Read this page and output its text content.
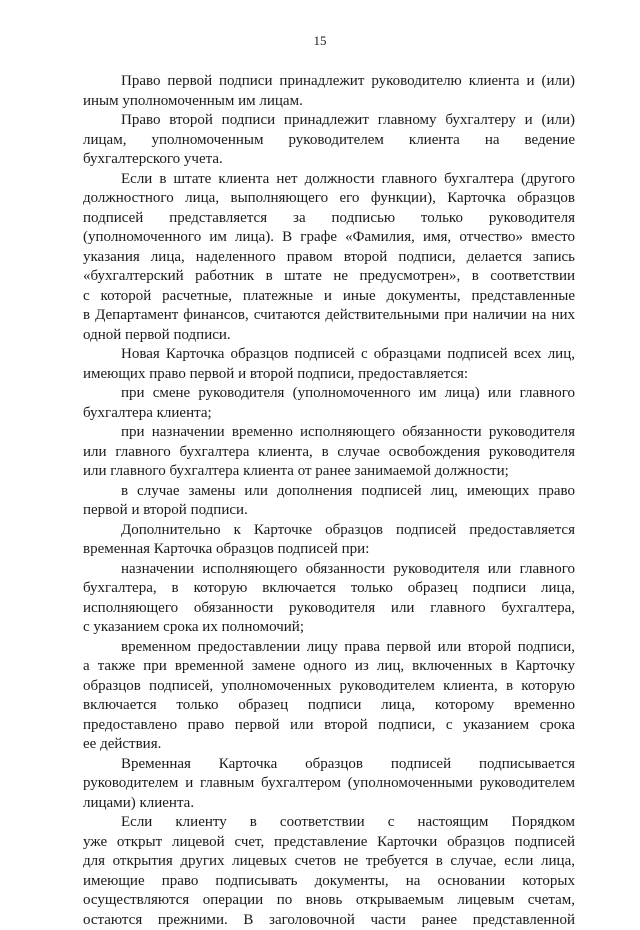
15
Право первой подписи принадлежит руководителю клиента и (или)
иным уполномоченным им лицам.
Право второй подписи принадлежит главному бухгалтеру и (или)
лицам, уполномоченным руководителем клиента на ведение
бухгалтерского учета.
Если в штате клиента нет должности главного бухгалтера (другого
должностного лица, выполняющего его функции), Карточка образцов
подписей представляется за подписью только руководителя
(уполномоченного им лица). В графе «Фамилия, имя, отчество» вместо
указания лица, наделенного правом второй подписи, делается запись
«бухгалтерский работник в штате не предусмотрен», в соответствии
с которой расчетные, платежные и иные документы, представленные
в Департамент финансов, считаются действительными при наличии на них
одной первой подписи.
Новая Карточка образцов подписей с образцами подписей всех лиц,
имеющих право первой и второй подписи, предоставляется:
при смене руководителя (уполномоченного им лица) или главного
бухгалтера клиента;
при назначении временно исполняющего обязанности руководителя
или главного бухгалтера клиента, в случае освобождения руководителя
или главного бухгалтера клиента от ранее занимаемой должности;
в случае замены или дополнения подписей лиц, имеющих право
первой и второй подписи.
Дополнительно к Карточке образцов подписей предоставляется
временная Карточка образцов подписей при:
назначении исполняющего обязанности руководителя или главного
бухгалтера, в которую включается только образец подписи лица,
исполняющего обязанности руководителя или главного бухгалтера,
с указанием срока их полномочий;
временном предоставлении лицу права первой или второй подписи,
а также при временной замене одного из лиц, включенных в Карточку
образцов подписей, уполномоченных руководителем клиента, в которую
включается только образец подписи лица, которому временно
предоставлено право первой или второй подписи, с указанием срока
ее действия.
Временная Карточка образцов подписей подписывается
руководителем и главным бухгалтером (уполномоченными руководителем
лицами) клиента.
Если клиенту в соответствии с настоящим Порядком
уже открыт лицевой счет, представление Карточки образцов подписей
для открытия других лицевых счетов не требуется в случае, если лица,
имеющие право подписывать документы, на основании которых
осуществляются операции по вновь открываемым лицевым счетам,
остаются прежними. В заголовочной части ранее представленной
